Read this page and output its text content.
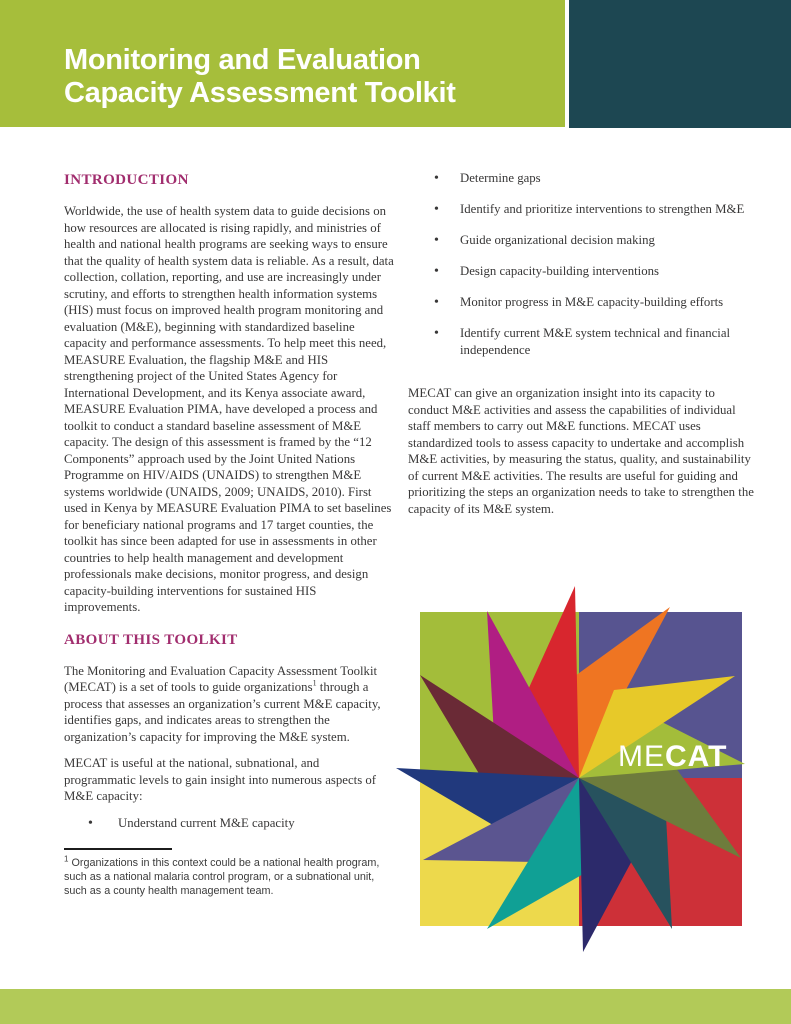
Monitoring and Evaluation
Capacity Assessment Toolkit
INTRODUCTION

Worldwide, the use of health system data to guide decisions on how resources are allocated is rising rapidly, and ministries of health and national health programs are seeking ways to ensure that the quality of health system data is reliable. As a result, data collection, collation, reporting, and use are increasingly under scrutiny, and efforts to strengthen health information systems (HIS) must focus on improved health program monitoring and evaluation (M&E), beginning with standardized baseline capacity and performance assessments. To help meet this need, MEASURE Evaluation, the flagship M&E and HIS strengthening project of the United States Agency for International Development, and its Kenya associate award, MEASURE Evaluation PIMA, have developed a process and toolkit to conduct a standard baseline assessment of M&E capacity. The design of this assessment is framed by the “12 Components” approach used by the Joint United Nations Programme on HIV/AIDS (UNAIDS) to strengthen M&E systems worldwide (UNAIDS, 2009; UNAIDS, 2010). First used in Kenya by MEASURE Evaluation PIMA to set baselines for beneficiary national programs and 17 target counties, the toolkit has since been adapted for use in assessments in other countries to help health management and development professionals make decisions, monitor progress, and design capacity-building interventions for sustained HIS improvements.

ABOUT THIS TOOLKIT

The Monitoring and Evaluation Capacity Assessment Toolkit (MECAT) is a set of tools to guide organizations$^1$ through a process that assesses an organization’s current M&E capacity, identifies gaps, and indicates areas to strengthen the organization’s capacity for improving the M&E system.

MECAT is useful at the national, subnational, and programmatic levels to gain insight into numerous aspects of M&E capacity:

• Understand current M&E capacity

$^1$ Organizations in this context could be a national health program, such as a national malaria control program, or a subnational unit, such as a county health management team.

• Determine gaps
• Identify and prioritize interventions to strengthen M&E
• Guide organizational decision making
• Design capacity-building interventions
• Monitor progress in M&E capacity-building efforts
• Identify current M&E system technical and financial independence

MECAT can give an organization insight into its capacity to conduct M&E activities and assess the capabilities of individual staff members to carry out M&E functions. MECAT uses standardized tools to assess capacity to undertake and accomplish M&E activities, by measuring the status, quality, and sustainability of current M&E activities. The results are useful for guiding and prioritizing the steps an organization needs to take to strengthen the capacity of its M&E system.

MECAT
